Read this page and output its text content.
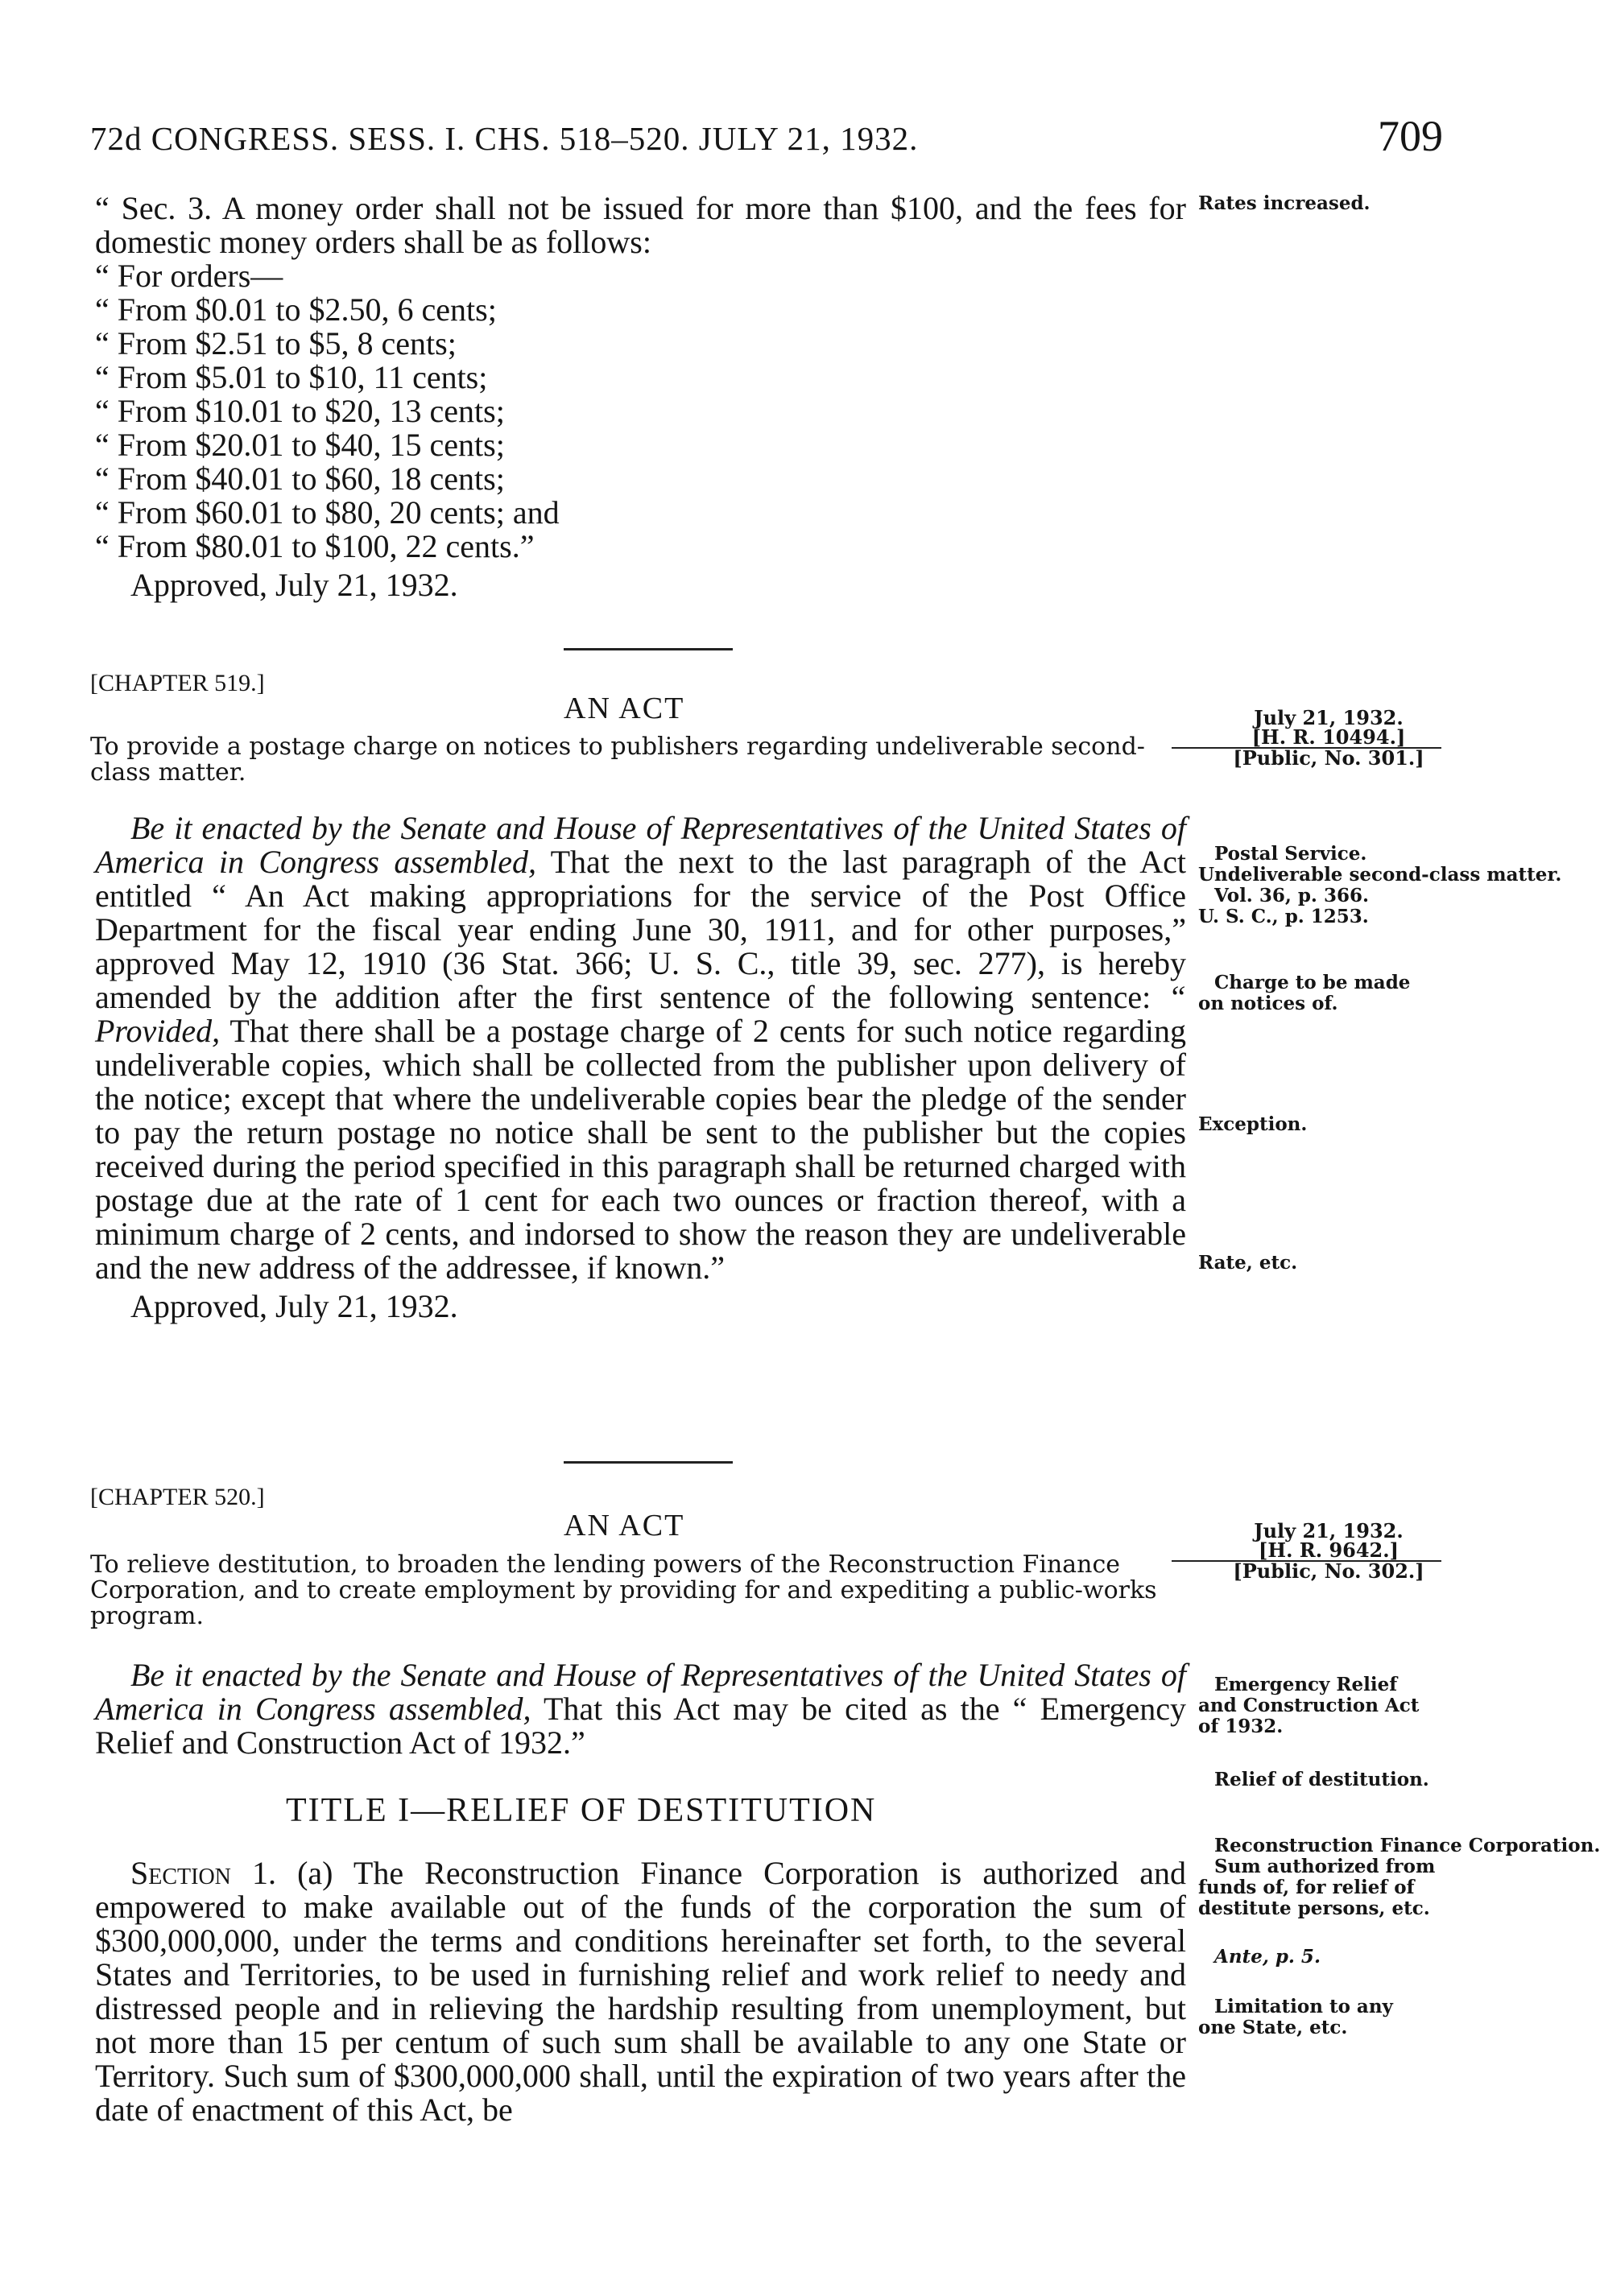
72d CONGRESS. SESS. I. CHS. 518–520. JULY 21, 1932.	709

“ Sec. 3. A money order shall not be issued for more than $100, and the fees for domestic money orders shall be as follows:

“ For orders—
“ From $0.01 to $2.50, 6 cents;
“ From $2.51 to $5, 8 cents;
“ From $5.01 to $10, 11 cents;
“ From $10.01 to $20, 13 cents;
“ From $20.01 to $40, 15 cents;
“ From $40.01 to $60, 18 cents;
“ From $60.01 to $80, 20 cents; and
“ From $80.01 to $100, 22 cents.”

Approved, July 21, 1932.

Rates increased.
[CHAPTER 519.]
AN ACT
To provide a postage charge on notices to publishers regarding undeliverable second-class matter.
July 21, 1932.
[H. R. 10494.]
[Public, No. 301.]

Be it enacted by the Senate and House of Representatives of the United States of America in Congress assembled, That the next to the last paragraph of the Act entitled “ An Act making appropriations for the service of the Post Office Department for the fiscal year ending June 30, 1911, and for other purposes,” approved May 12, 1910 (36 Stat. 366; U. S. C., title 39, sec. 277), is hereby amended by the addition after the first sentence of the following sentence: “ Provided, That there shall be a postage charge of 2 cents for such notice regarding undeliverable copies, which shall be collected from the publisher upon delivery of the notice; except that where the undeliverable copies bear the pledge of the sender to pay the return postage no notice shall be sent to the publisher but the copies received during the period specified in this paragraph shall be returned charged with postage due at the rate of 1 cent for each two ounces or fraction thereof, with a minimum charge of 2 cents, and indorsed to show the reason they are undeliverable and the new address of the addressee, if known.”

Approved, July 21, 1932.

Postal Service.
Undeliverable second-class matter.
Vol. 36, p. 366.
U. S. C., p. 1253.
Charge to be made
on notices of.
Exception.
Rate, etc.
[CHAPTER 520.]
AN ACT
To relieve destitution, to broaden the lending powers of the Reconstruction Finance Corporation, and to create employment by providing for and expediting a public-works program.
July 21, 1932.
[H. R. 9642.]
[Public, No. 302.]

Be it enacted by the Senate and House of Representatives of the United States of America in Congress assembled, That this Act may be cited as the “ Emergency Relief and Construction Act of 1932.”

TITLE I—RELIEF OF DESTITUTION

Section 1. (a) The Reconstruction Finance Corporation is authorized and empowered to make available out of the funds of the corporation the sum of $300,000,000, under the terms and conditions hereinafter set forth, to the several States and Territories, to be used in furnishing relief and work relief to needy and distressed people and in relieving the hardship resulting from unemployment, but not more than 15 per centum of such sum shall be available to any one State or Territory. Such sum of $300,000,000 shall, until the expiration of two years after the date of enactment of this Act, be

Emergency Relief
and Construction Act
of 1932.
Relief of destitution.
Reconstruction Finance Corporation.
Sum authorized from
funds of, for relief of
destitute persons, etc.
Ante, p. 5.
Limitation to any
one State, etc.
